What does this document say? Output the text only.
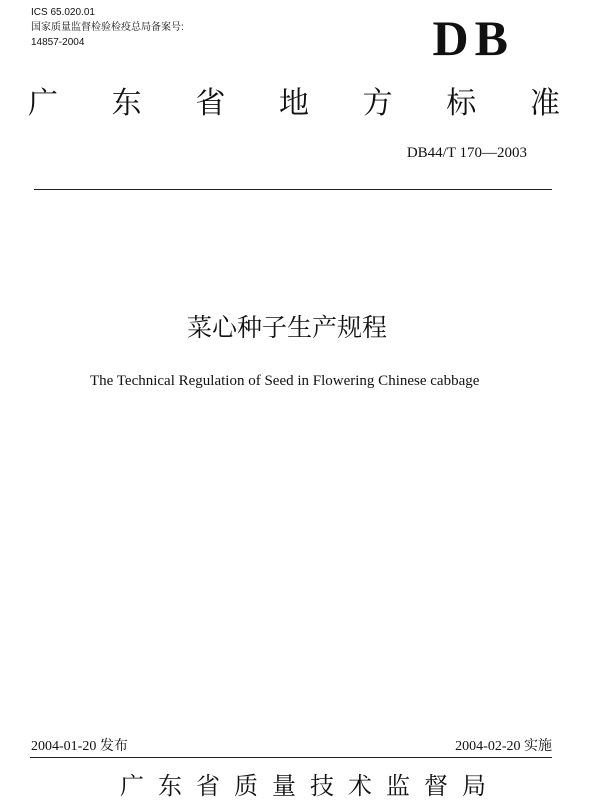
ICS 65.020.01
国家质量监督检验检疫总局备案号:
14857-2004	DB
广 东 省 地 方 标 准
DB44/T 170—2003
菜心种子生产规程
The Technical Regulation of Seed in Flowering Chinese cabbage
2004-01-20 发布	2004-02-20 实施
广东省质量技术监督局
